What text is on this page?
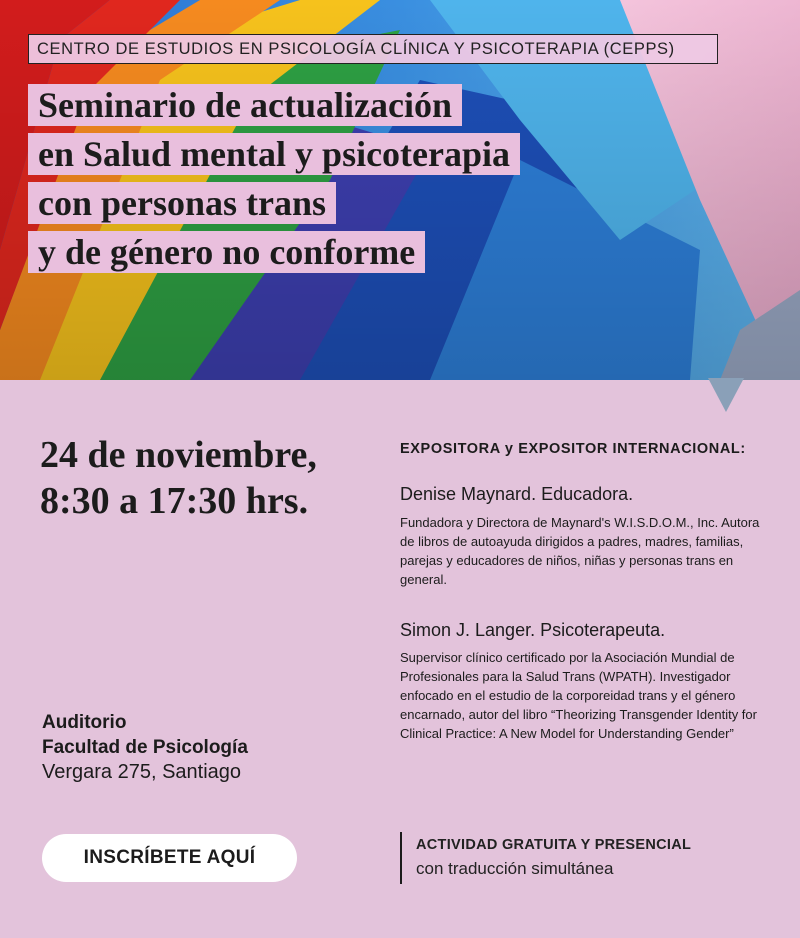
CENTRO DE ESTUDIOS EN PSICOLOGÍA CLÍNICA Y PSICOTERAPIA (CEPPS)
Seminario de actualización
en Salud mental y psicoterapia
con personas trans
y de género no conforme
24 de noviembre,
8:30 a 17:30 hrs.
Auditorio
Facultad de Psicología
Vergara 275, Santiago
INSCRÍBETE AQUÍ
EXPOSITORA y EXPOSITOR INTERNACIONAL:
Denise Maynard. Educadora.
Fundadora y Directora de Maynard's W.I.S.D.O.M., Inc. Autora de libros de autoayuda dirigidos a padres, madres, familias, parejas y educadores de niños, niñas y personas trans en general.
Simon J. Langer. Psicoterapeuta.
Supervisor clínico certificado por la Asociación Mundial de Profesionales para la Salud Trans (WPATH). Investigador enfocado en el estudio de la corporeidad trans y el género encarnado, autor del libro “Theorizing Transgender Identity for Clinical Practice: A New Model for Understanding Gender”
ACTIVIDAD GRATUITA Y PRESENCIAL
con traducción simultánea
